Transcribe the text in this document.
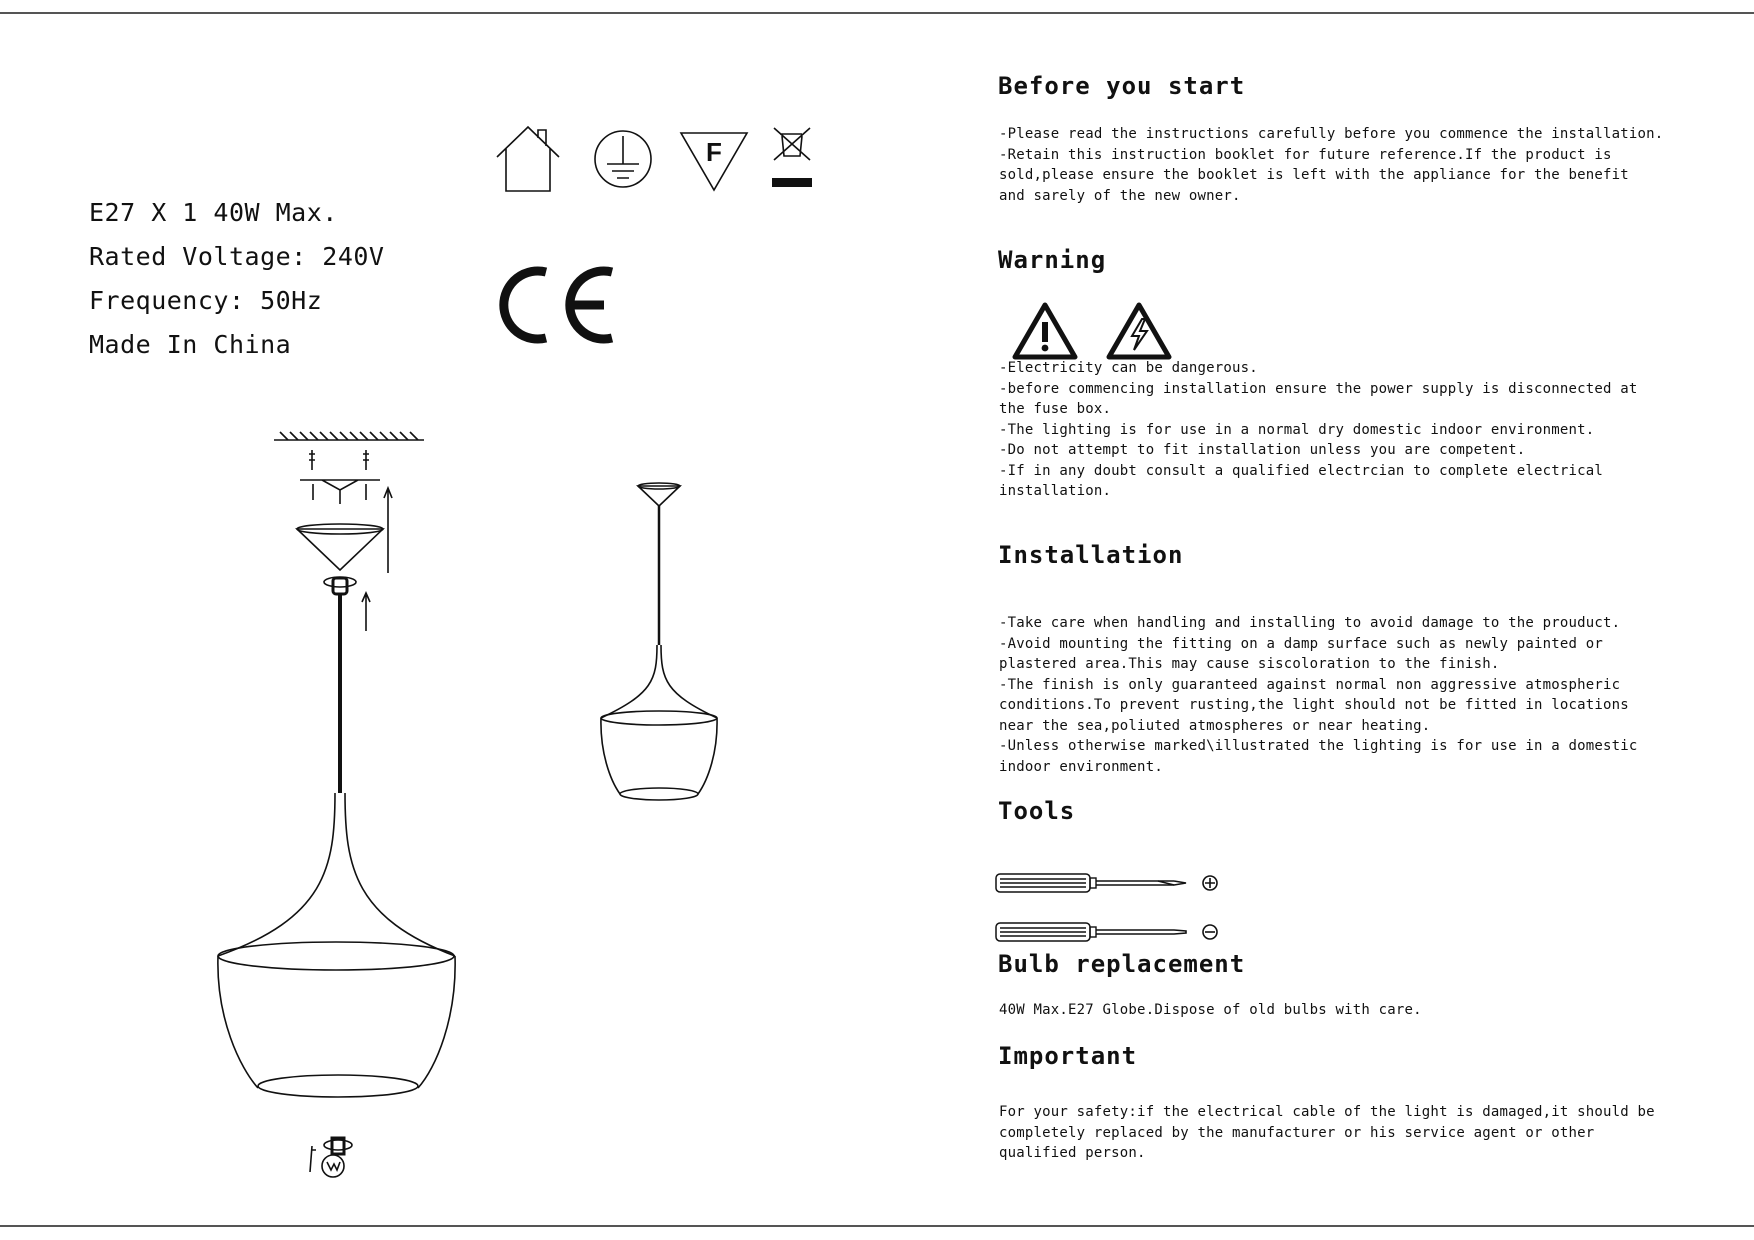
E27 X 1 40W Max.
Rated Voltage: 240V
Frequency: 50Hz
Made In China
F
CE
Before you start

-Please read the instructions carefully before you commence the installation.

-Retain this instruction booklet for future reference.If the product is

sold,please ensure the booklet is left with the appliance for the benefit

and sarely of the new owner.

Warning

-Electricity can be dangerous.

-before commencing installation ensure the power supply is disconnected at

the fuse box.

-The lighting is for use in a normal dry domestic indoor environment.

-Do not attempt to fit installation unless you are competent.

-If in any doubt consult a qualified electrcian to complete electrical

installation.

Installation

-Take care when handling and installing to avoid damage to the prouduct.

-Avoid mounting the fitting on a damp surface such as newly painted or

plastered area.This may cause siscoloration to the finish.

-The finish is only guaranteed against normal non aggressive atmospheric

conditions.To prevent rusting,the light should not be fitted in locations

near the sea,poliuted atmospheres or near heating.

-Unless otherwise marked\illustrated the lighting is for use in a domestic

indoor environment.

Tools
Bulb replacement

40W Max.E27 Globe.Dispose of old bulbs with care.

Important

For your safety:if the electrical cable of the light is damaged,it should be

completely replaced by the manufacturer or his service agent or other

qualified person.
